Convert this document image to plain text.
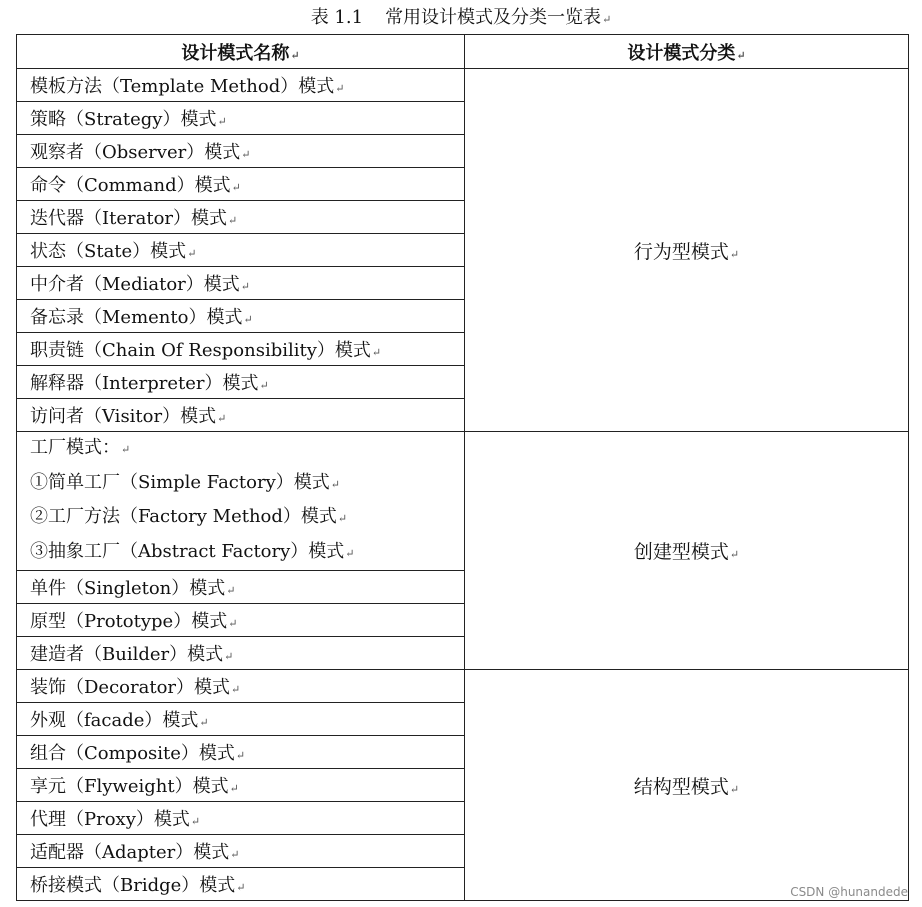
表 1.1 常用设计模式及分类一览表↵
设计模式名称↵	设计模式分类↵

模板方法（Template Method）模式↵	行为型模式↵

策略（Strategy）模式↵	

观察者（Observer）模式↵	

命令（Command）模式↵	

迭代器（Iterator）模式↵	

状态（State）模式↵	

中介者（Mediator）模式↵	

备忘录（Memento）模式↵	

职责链（Chain Of Responsibility）模式↵	

解释器（Interpreter）模式↵	

访问者（Visitor）模式↵	

工厂模式：↵
①简单工厂（Simple Factory）模式↵
②工厂方法（Factory Method）模式↵
③抽象工厂（Abstract Factory）模式↵	创建型模式↵

单件（Singleton）模式↵	

原型（Prototype）模式↵	

建造者（Builder）模式↵	

装饰（Decorator）模式↵	结构型模式↵

外观（facade）模式↵	

组合（Composite）模式↵	

享元（Flyweight）模式↵	

代理（Proxy）模式↵	

适配器（Adapter）模式↵	

桥接模式（Bridge）模式↵		CSDN @hunandede
